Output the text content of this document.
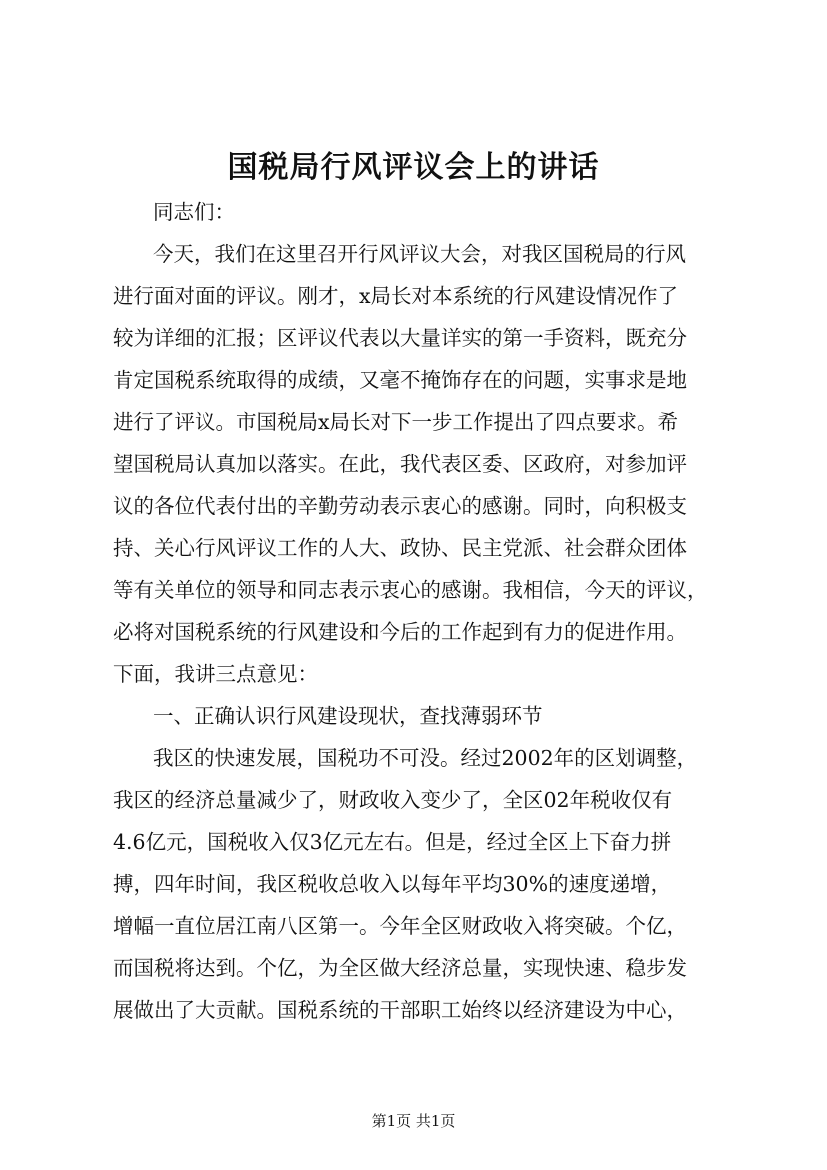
国税局行风评议会上的讲话
同志们：
今天，我们在这里召开行风评议大会，对我区国税局的行风
进行面对面的评议。刚才，x局长对本系统的行风建设情况作了
较为详细的汇报；区评议代表以大量详实的第一手资料，既充分
肯定国税系统取得的成绩，又毫不掩饰存在的问题，实事求是地
进行了评议。市国税局x局长对下一步工作提出了四点要求。希
望国税局认真加以落实。在此，我代表区委、区政府，对参加评
议的各位代表付出的辛勤劳动表示衷心的感谢。同时，向积极支
持、关心行风评议工作的人大、政协、民主党派、社会群众团体
等有关单位的领导和同志表示衷心的感谢。我相信，今天的评议，
必将对国税系统的行风建设和今后的工作起到有力的促进作用。
下面，我讲三点意见：
一、正确认识行风建设现状，查找薄弱环节
我区的快速发展，国税功不可没。经过2002年的区划调整，
我区的经济总量减少了，财政收入变少了，全区02年税收仅有
4.6亿元，国税收入仅3亿元左右。但是，经过全区上下奋力拼
搏，四年时间，我区税收总收入以每年平均30%的速度递增，
增幅一直位居江南八区第一。今年全区财政收入将突破。个亿，
而国税将达到。个亿，为全区做大经济总量，实现快速、稳步发
展做出了大贡献。国税系统的干部职工始终以经济建设为中心，
第1页 共1页
